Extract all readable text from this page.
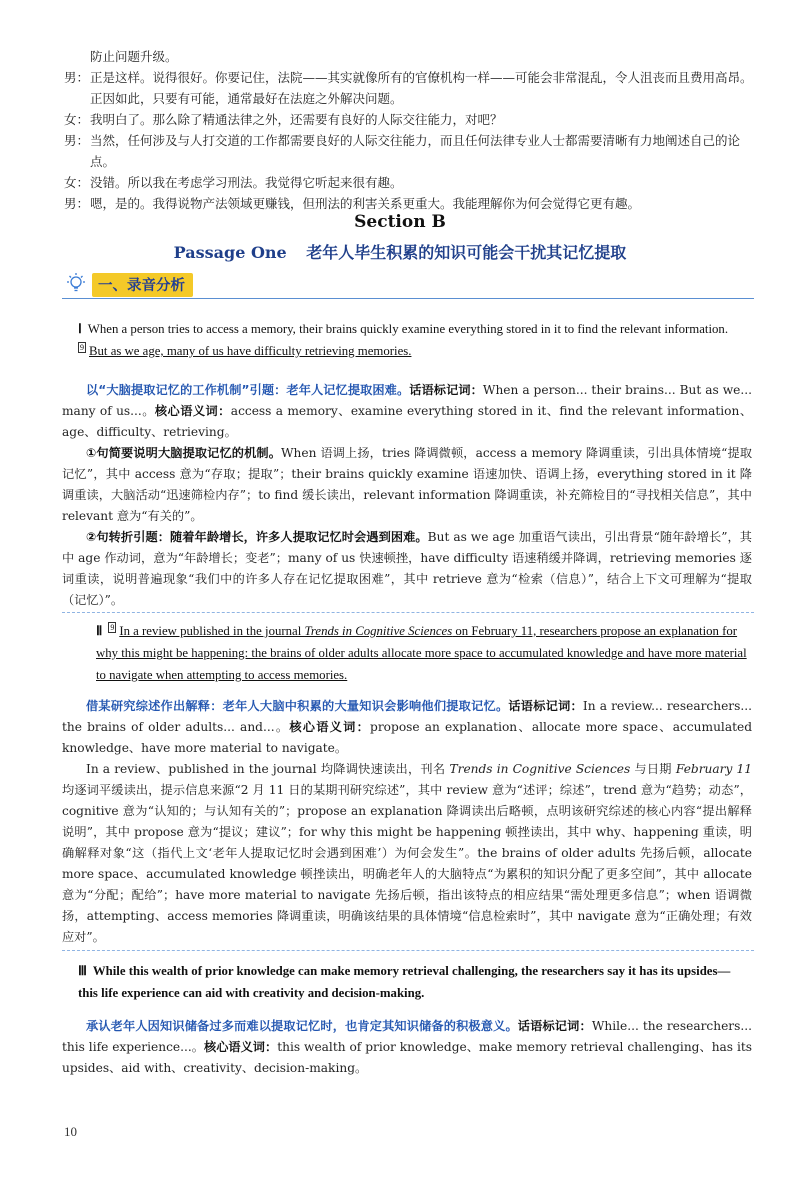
防止问题升级。
男： 正是这样。说得很好。你要记住，法院——其实就像所有的官僚机构一样——可能会非常混乱，令人沮丧而且费用高昂。正因如此，只要有可能，通常最好在法庭之外解决问题。
女： 我明白了。那么除了精通法律之外，还需要有良好的人际交往能力，对吧？
男： 当然，任何涉及与人打交道的工作都需要良好的人际交往能力，而且任何法律专业人士都需要清晰有力地阐述自己的论点。
女： 没错。所以我在考虑学习刑法。我觉得它听起来很有趣。
男： 嗯，是的。我得说物产法领域更赚钱，但刑法的利害关系更重大。我能理解你为何会觉得它更有趣。
Section B
Passage One 老年人毕生积累的知识可能会干扰其记忆提取
一、录音分析
Ⅰ When a person tries to access a memory, their brains quickly examine everything stored in it to find the relevant information. 9 But as we age, many of us have difficulty retrieving memories.

以“大脑提取记忆的工作机制”引题：老年人记忆提取困难。话语标记词：When a person... their brains... But as we... many of us...。核心语义词：access a memory、examine everything stored in it、find the relevant information、age、difficulty、retrieving。

①句简要说明大脑提取记忆的机制。When 语调上扬，tries 降调微顿，access a memory 降调重读，引出具体情境“提取记忆”，其中 access 意为“存取；提取”；their brains quickly examine 语速加快、语调上扬，everything stored in it 降调重读，大脑活动“迅速筛检内存”；to find 缓长读出，relevant information 降调重读，补充筛检目的“寻找相关信息”，其中 relevant 意为“有关的”。

②句转折引题：随着年龄增长，许多人提取记忆时会遇到困难。But as we age 加重语气读出，引出背景“随年龄增长”，其中 age 作动词，意为“年龄增长；变老”；many of us 快速顿挫，have difficulty 语速稍缓并降调，retrieving memories 逐词重读，说明普遍现象“我们中的许多人存在记忆提取困难”，其中 retrieve 意为“检索（信息）”，结合上下文可理解为“提取（记忆）”。

Ⅱ 9 In a review published in the journal Trends in Cognitive Sciences on February 11, researchers propose an explanation for why this might be happening: the brains of older adults allocate more space to accumulated knowledge and have more material to navigate when attempting to access memories.

借某研究综述作出解释：老年人大脑中积累的大量知识会影响他们提取记忆。话语标记词：In a review... researchers... the brains of older adults... and...。核心语义词：propose an explanation、allocate more space、accumulated knowledge、have more material to navigate。

In a review、published in the journal 均降调快速读出，刊名 Trends in Cognitive Sciences 与日期 February 11 均逐词平缓读出，提示信息来源“2 月 11 日的某期刊研究综述”，其中 review 意为“述评；综述”，trend 意为“趋势；动态”，cognitive 意为“认知的；与认知有关的”；propose an explanation 降调读出后略顿，点明该研究综述的核心内容“提出解释说明”，其中 propose 意为“提议；建议”；for why this might be happening 顿挫读出，其中 why、happening 重读，明确解释对象“这（指代上文‘老年人提取记忆时会遇到困难’）为何会发生”。the brains of older adults 先扬后顿，allocate more space、accumulated knowledge 顿挫读出，明确老年人的大脑特点“为累积的知识分配了更多空间”，其中 allocate 意为“分配；配给”；have more material to navigate 先扬后顿，指出该特点的相应结果“需处理更多信息”；when 语调微扬，attempting、access memories 降调重读，明确该结果的具体情境“信息检索时”，其中 navigate 意为“正确处理；有效应对”。

Ⅲ While this wealth of prior knowledge can make memory retrieval challenging, the researchers say it has its upsides—this life experience can aid with creativity and decision-making.

承认老年人因知识储备过多而难以提取记忆时，也肯定其知识储备的积极意义。话语标记词：While... the researchers... this life experience...。核心语义词：this wealth of prior knowledge、make memory retrieval challenging、has its upsides、aid with、creativity、decision-making。

10
